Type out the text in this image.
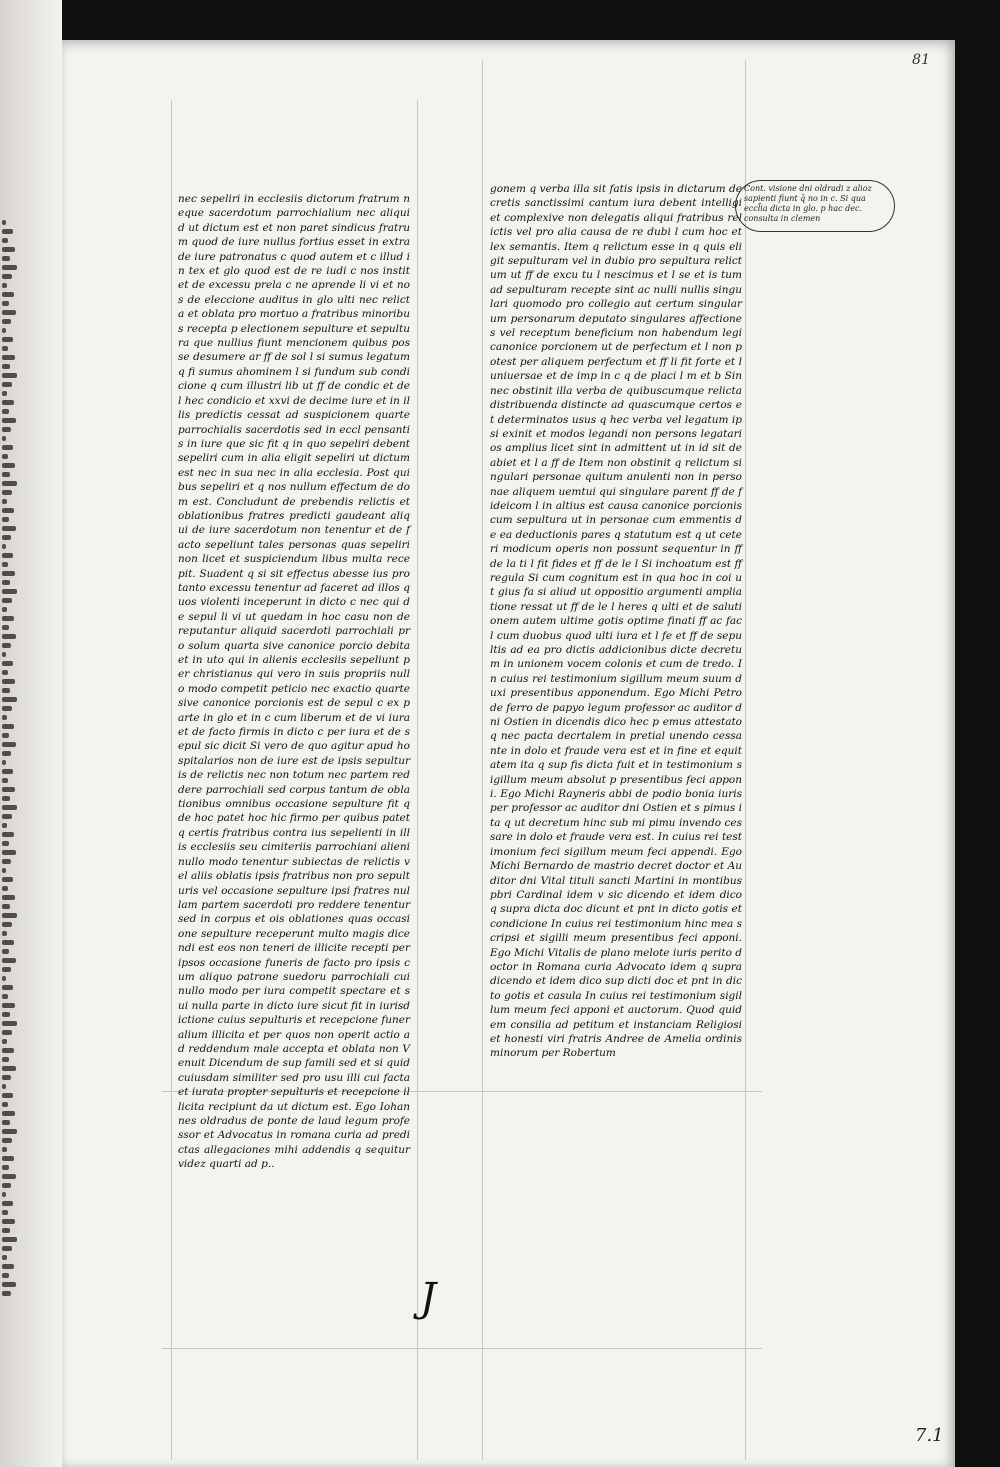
81
Cont. visione dni oldradi z alioz sapienti fiunt q̄ no in c. Si qua eccl̄ia dicta in glo. p hac dec. consulta in clemen
nec sepeliri in ecclesiis dictorum fratrum neque sacerdotum parrochialium nec aliquid ut dictum est et non paret sindicus fratrum quod de iure nullus fortius esset in extra de iure patronatus c quod autem et c illud in tex et glo quod est de re iudi c nos instit et de excessu prela c ne aprende li vi et nos de eleccione auditus in glo ulti nec relicta et oblata pro mortuo a fratribus minoribus recepta p electionem sepulture et sepultura que nullius fiunt mencionem quibus posse desumere ar ff de sol l si sumus legatum q fi sumus ahominem l si fundum sub condicione q cum illustri lib ut ff de condic et de l hec condicio et xxvi de decime iure et in illis predictis cessat ad suspicionem quarte parrochialis sacerdotis sed in eccl pensantis in iure que sic fit q in quo sepeliri debent sepeliri cum in alia eligit sepeliri ut dictum est nec in sua nec in alia ecclesia. Post quibus sepeliri et q nos nullum effectum de dom est. Concludunt de prebendis relictis et oblationibus fratres predicti gaudeant aliqui de iure sacerdotum non tenentur et de facto sepeliunt tales personas quas sepeliri non licet et suspiciendum libus multa recepit. Suadent q si sit effectus abesse ius pro tanto excessu tenentur ad faceret ad illos quos violenti inceperunt in dicto c nec qui de sepul li vi ut quedam in hoc casu non de reputantur aliquid sacerdoti parrochiali pro solum quarta sive canonice porcio debita et in uto qui in alienis ecclesiis sepeliunt per christianus qui vero in suis propriis nullo modo competit peticio nec exactio quarte sive canonice porcionis est de sepul c ex parte in glo et in c cum liberum et de vi iura et de facto firmis in dicto c per iura et de sepul sic dicit Si vero de quo agitur apud hospitalarios non de iure est de ipsis sepulturis de relictis nec non totum nec partem reddere parrochiali sed corpus tantum de oblationibus omnibus occasione sepulture fit q de hoc patet hoc hic firmo per quibus patet q certis fratribus contra ius sepelienti in illis ecclesiis seu cimiteriis parrochiani alieni nullo modo tenentur subiectas de relictis vel aliis oblatis ipsis fratribus non pro sepulturis vel occasione sepulture ipsi fratres nullam partem sacerdoti pro reddere tenentur sed in corpus et ois oblationes quas occasione sepulture receperunt multo magis dicendi est eos non teneri de illicite recepti per ipsos occasione funeris de facto pro ipsis cum aliquo patrone suedoru parrochiali cui nullo modo per iura competit spectare et sui nulla parte in dicto iure sicut fit in iurisdictione cuius sepulturis et recepcione funeralium illicita et per quos non operit actio ad reddendum male accepta et oblata non Venuit Dicendum de sup famili sed et si quid cuiusdam similiter sed pro usu illi cui facta et iurata propter sepulturis et recepcione illicita recipiunt da ut dictum est. Ego Iohannes oldradus de ponte de laud legum professor et Advocatus in romana curia ad predictas allegaciones mihi addendis q sequitur videz quarti ad p..
gonem q verba illa sit fatis ipsis in dictarum decretis sanctissimi cantum iura debent intelligi et complexive non delegatis aliqui fratribus relictis vel pro alia causa de re dubi l cum hoc et lex semantis. Item q relictum esse in q quis eligit sepulturam vel in dubio pro sepultura relictum ut ff de excu tu l nescimus et l se et is tum ad sepulturam recepte sint ac nulli nullis singulari quomodo pro collegio aut certum singularum personarum deputato singulares affectiones vel receptum beneficium non habendum legi canonice porcionem ut de perfectum et l non potest per aliquem perfectum et ff li fit forte et l uniuersae et de imp in c q de placi l m et b Sin nec obstinit illa verba de quibuscumque relicta distribuenda distincte ad quascumque certos et determinatos usus q hec verba vel legatum ipsi exinit et modos legandi non persons legatarios amplius licet sint in admittent ut in id sit de abiet et l a ff de Item non obstinit q relictum singulari personae quitum anulenti non in personae aliquem uemtui qui singulare parent ff de fideicom l in altius est causa canonice porcionis cum sepultura ut in personae cum emmentis de ea deductionis pares q statutum est q ut ceteri modicum operis non possunt sequentur in ff de la ti l fit fides et ff de le l Si inchoatum est ff regula Si cum cognitum est in qua hoc in coi ut gius fa si aliud ut oppositio argumenti ampliatione ressat ut ff de le l heres q ulti et de salutionem autem ultime gotis optime finati ff ac fac l cum duobus quod ulti iura et l fe et ff de sepultis ad ea pro dictis addicionibus dicte decretum in unionem vocem colonis et cum de tredo. In cuius rei testimonium sigillum meum suum duxi presentibus apponendum. Ego Michi Petro de ferro de papyo legum professor ac auditor dni Ostien in dicendis dico hec p emus attestato q nec pacta decrtalem in pretial unendo cessante in dolo et fraude vera est et in fine et equitatem ita q sup fis dicta fuit et in testimonium sigillum meum absolut p presentibus feci apponi. Ego Michi Rayneris abbi de podio bonia iuris per professor ac auditor dni Ostien et s pimus ita q ut decretum hinc sub mi pimu invendo cessare in dolo et fraude vera est. In cuius rei testimonium feci sigillum meum feci appendi. Ego Michi Bernardo de mastrio decret doctor et Auditor dni Vital tituli sancti Martini in montibus pbri Cardinal idem v sic dicendo et idem dico q supra dicta doc dicunt et pnt in dicto gotis et condicione In cuius rei testimonium hinc mea scripsi et sigilli meum presentibus feci apponi. Ego Michi Vitalis de plano melote iuris perito doctor in Romana curia Advocato idem q supra dicendo et idem dico sup dicti doc et pnt in dicto gotis et casula In cuius rei testimonium sigillum meum feci apponi et auctorum. Quod quidem consilia ad petitum et instanciam Religiosi et honesti viri fratris Andree de Amelia ordinis minorum per Robertum
J
7.1
